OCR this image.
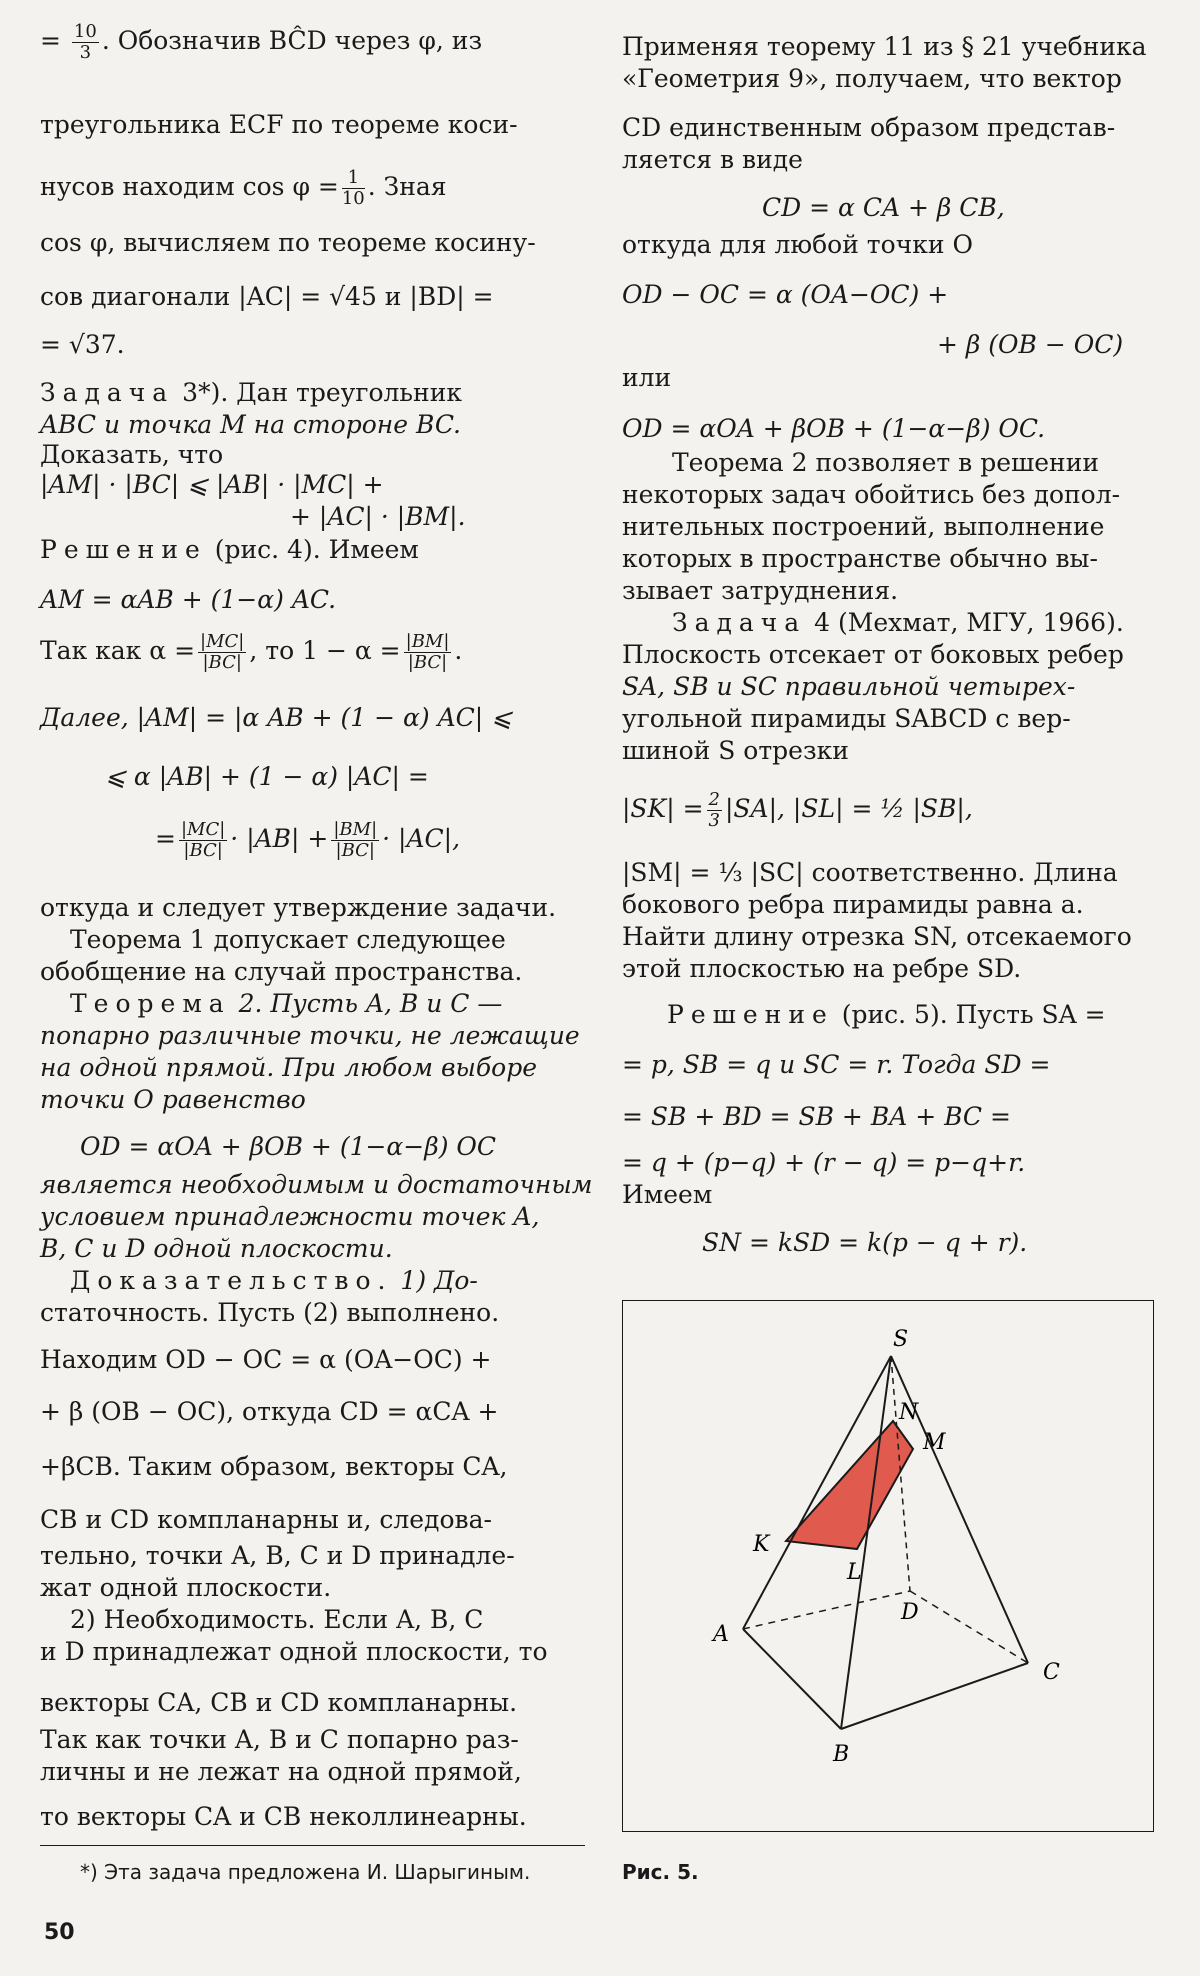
= $\frac{10}{3}$ . Обозначив BĈD через φ, из
треугольника ECF по теореме коси-
нусов находим $\cos \varphi = \frac{1}{10}$ . Зная
cos φ, вычисляем по теореме косину-
сов диагонали |AC| = √45 и |BD| =
= √37.
Задача 3*). Дан треугольник
ABC и точка M на стороне BC.
Доказать, что
|AM| · |BC| ⩽ |AB| · |MC| +
+ |AC| · |BM|.
Решение (рис. 4). Имеем
AM = αAB + (1−α) AC.
Так как $\alpha = \frac{|MC|}{|BC|}$ , то $1 - \alpha = \frac{|BM|}{|BC|}$ .
Далее, |AM| = |α AB + (1 − α) AC| ⩽
⩽ α |AB| + (1 − α) |AC| =
= $\frac{|MC|}{|BC|} \cdot |AB| + \frac{|BM|}{|BC|} \cdot |AC|$,
откуда и следует утверждение задачи.
Теорема 1 допускает следующее
обобщение на случай пространства.
Теорема 2. Пусть A, B и C —
попарно различные точки, не лежащие
на одной прямой. При любом выборе
точки O равенство
OD = αOA + βOB + (1−α−β) OC
является необходимым и достаточным
условием принадлежности точек A,
B, C и D одной плоскости.
Доказательство. 1) До-
статочность. Пусть (2) выполнено.
Находим OD − OC = α (OA−OC) +
+ β (OB − OC), откуда CD = αCA +
+βCB. Таким образом, векторы CA,
CB и CD компланарны и, следова-
тельно, точки A, B, C и D принадле-
жат одной плоскости.
2) Необходимость. Если A, B, C
и D принадлежат одной плоскости, то
векторы CA, CB и CD компланарны.
Так как точки A, B и C попарно раз-
личны и не лежат на одной прямой,
то векторы CA и CB неколлинеарны.
Применяя теорему 11 из § 21 учебника
«Геометрия 9», получаем, что вектор
CD единственным образом представ-
ляется в виде
CD = α CA + β CB,
откуда для любой точки O
OD − OC = α (OA−OC) +
+ β (OB − OC)
или
OD = αOA + βOB + (1−α−β) OC.
Теорема 2 позволяет в решении
некоторых задач обойтись без допол-
нительных построений, выполнение
которых в пространстве обычно вы-
зывает затруднения.
Задача 4 (Мехмат, МГУ, 1966).
Плоскость отсекает от боковых ребер
SA, SB и SC правильной четырех-
угольной пирамиды SABCD с вер-
шиной S отрезки
$|SK| = \frac{2}{3} |SA|$, |SL| = ½ |SB|,
|SM| = ⅓ |SC| соответственно. Длина
бокового ребра пирамиды равна a.
Найти длину отрезка SN, отсекаемого
этой плоскостью на ребре SD.
Решение (рис. 5). Пусть SA =
= p, SB = q и SC = r. Тогда SD =
= SB + BD = SB + BA + BC =
= q + (p−q) + (r − q) = p−q+r.
Имеем
SN = kSD = k(p − q + r).
S
N
M
K
L
D
A
C
B
Рис. 5.
*) Эта задача предложена И. Шарыгиным.
50
